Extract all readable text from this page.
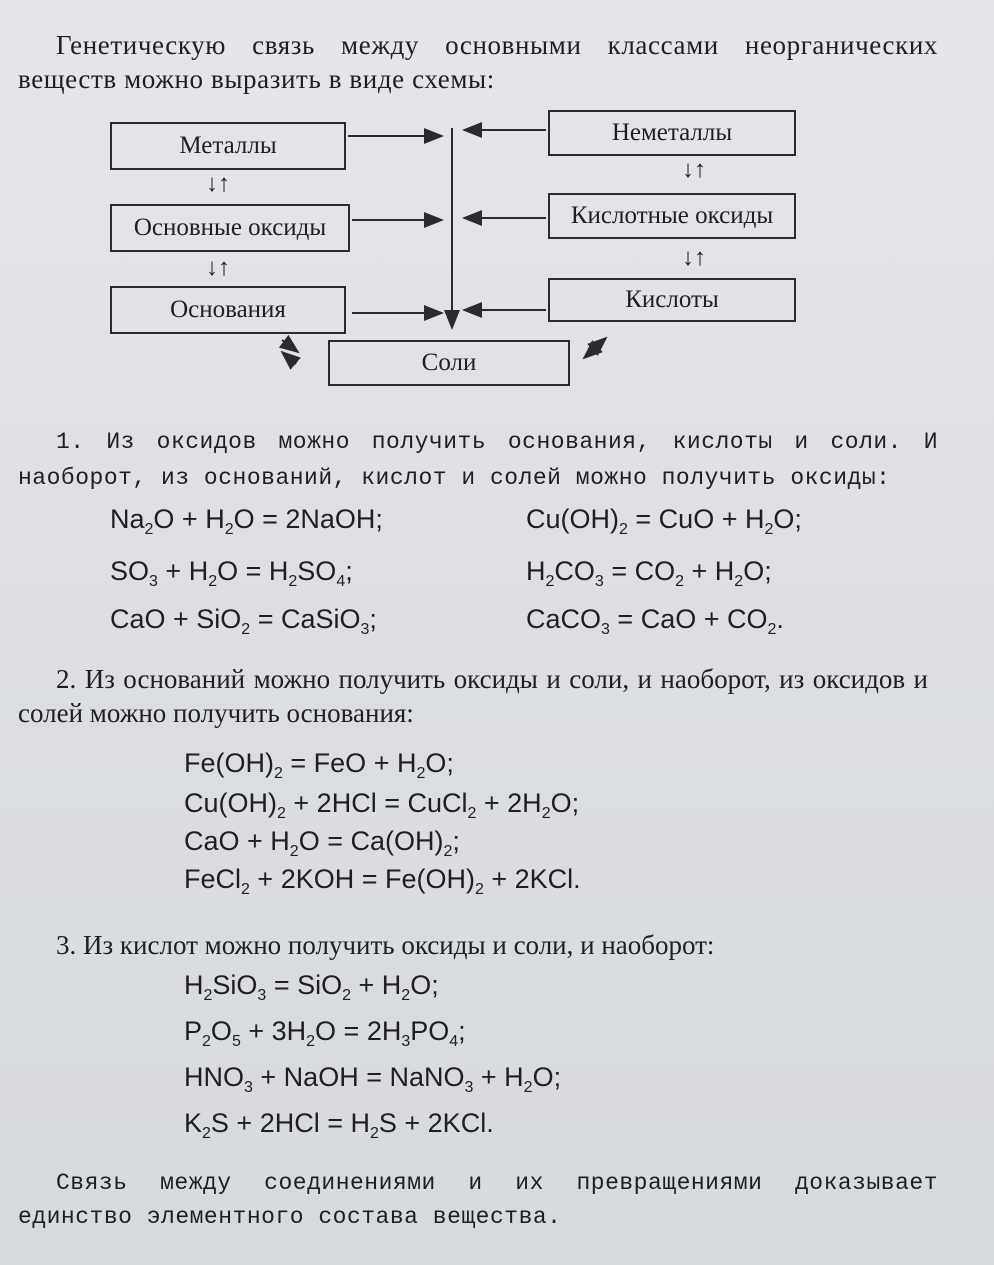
Генетическую связь между основными классами неорганических веществ можно выразить в виде схемы:

Металлы
↓↑
Основные оксиды
↓↑
Основания
Неметаллы
↓↑
Кислотные оксиды
↓↑
Кислоты
Соли

1. Из оксидов можно получить основания, кислоты и соли. И наоборот, из оснований, кислот и солей можно получить оксиды:

$Na_2O + H_2O$ = 2NaOH;
$SO_3 + H_2O = H_2SO_4$;
CaO + SiO$_2$ = CaSiO$_3$;
$Cu(OH)_2$ = CuO + $H_2O$;
$H_2CO_3 = CO_2 + H_2O$;
CaCO$_3$ = CaO + $CO_2$.

2. Из оснований можно получить оксиды и соли, и наоборот, из оксидов и солей можно получить основания:

$Fe(OH)_2$ = FeO + $H_2O$;
$Cu(OH)_2 + 2HCl$ = CuCl$_2$ + $2H_2O$;
CaO + $H_2O = Ca(OH)_2$;
FeCl$_2$ + $2KOH = Fe(OH)_2 + 2KCl$.

3. Из кислот можно получить оксиды и соли, и наоборот:

$H_2SiO_3 = SiO_2 + H_2O$;
$P_2O_5 + 3H_2O = 2H_3PO_4$;
$HNO_3$ + NaOH = NaNO$_3$ + $H_2O$;
$K_2S + 2HCl = H_2S + 2KCl$.

Связь между соединениями и их превращениями доказывает единство элементного состава вещества.
